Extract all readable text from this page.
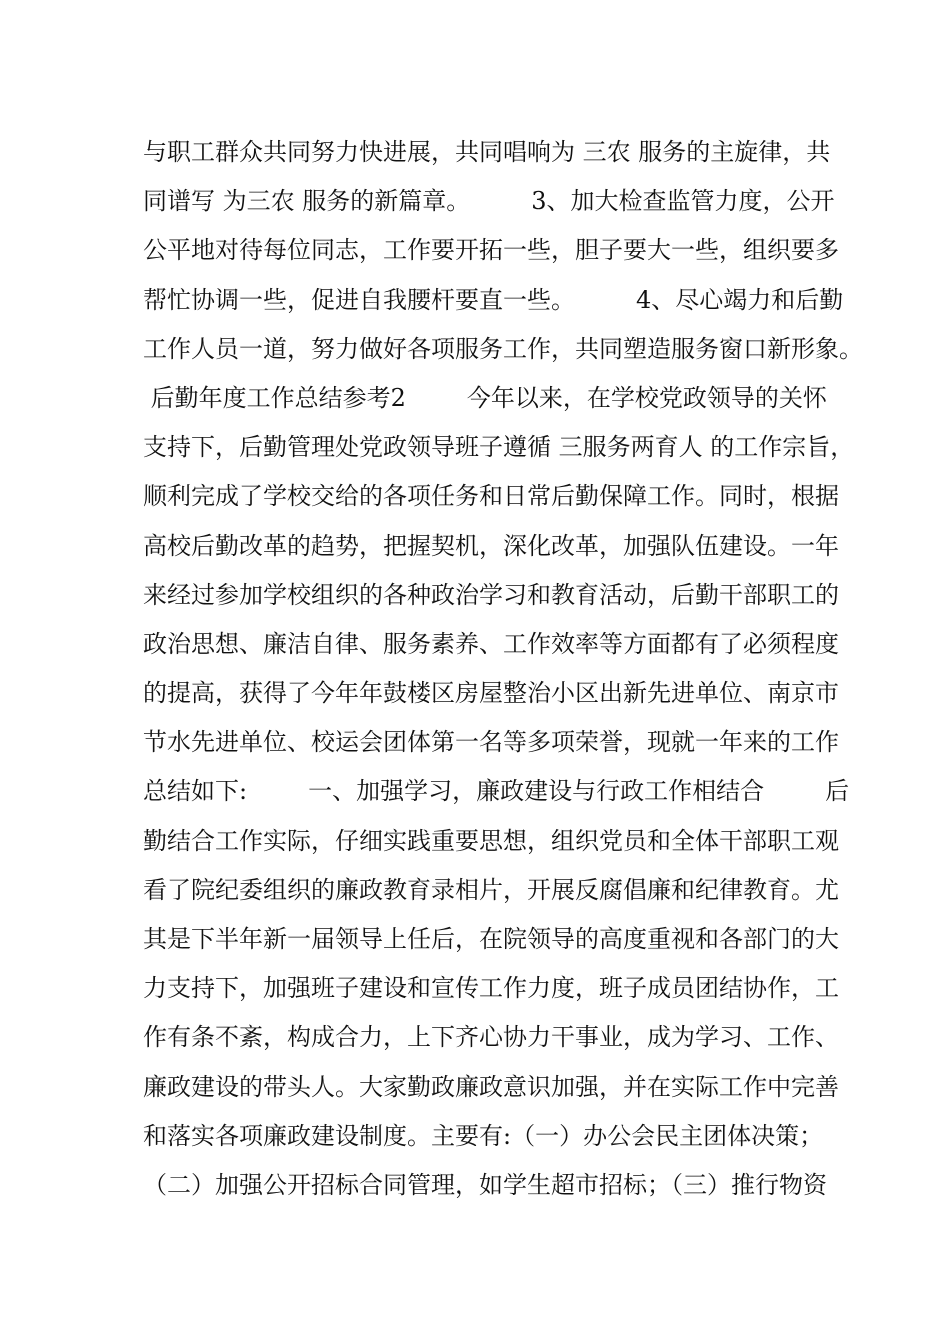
与职工群众共同努力快进展，共同唱响为 三农 服务的主旋律，共
同谱写 为三农 服务的新篇章。        3、加大检查监管力度，公开
公平地对待每位同志，工作要开拓一些，胆子要大一些，组织要多
帮忙协调一些，促进自我腰杆要直一些。        4、尽心竭力和后勤
工作人员一道，努力做好各项服务工作，共同塑造服务窗口新形象。
后勤年度工作总结参考2        今年以来，在学校党政领导的关怀
支持下，后勤管理处党政领导班子遵循 三服务两育人 的工作宗旨，
顺利完成了学校交给的各项任务和日常后勤保障工作。同时，根据
高校后勤改革的趋势，把握契机，深化改革，加强队伍建设。一年
来经过参加学校组织的各种政治学习和教育活动，后勤干部职工的
政治思想、廉洁自律、服务素养、工作效率等方面都有了必须程度
的提高，获得了今年年鼓楼区房屋整治小区出新先进单位、南京市
节水先进单位、校运会团体第一名等多项荣誉，现就一年来的工作
总结如下:        一、加强学习，廉政建设与行政工作相结合        后
勤结合工作实际，仔细实践重要思想，组织党员和全体干部职工观
看了院纪委组织的廉政教育录相片，开展反腐倡廉和纪律教育。尤
其是下半年新一届领导上任后，在院领导的高度重视和各部门的大
力支持下，加强班子建设和宣传工作力度，班子成员团结协作，工
作有条不紊，构成合力，上下齐心协力干事业，成为学习、工作、
廉政建设的带头人。大家勤政廉政意识加强，并在实际工作中完善
和落实各项廉政建设制度。主要有:（一）办公会民主团体决策；
（二）加强公开招标合同管理，如学生超市招标；（三）推行物资
